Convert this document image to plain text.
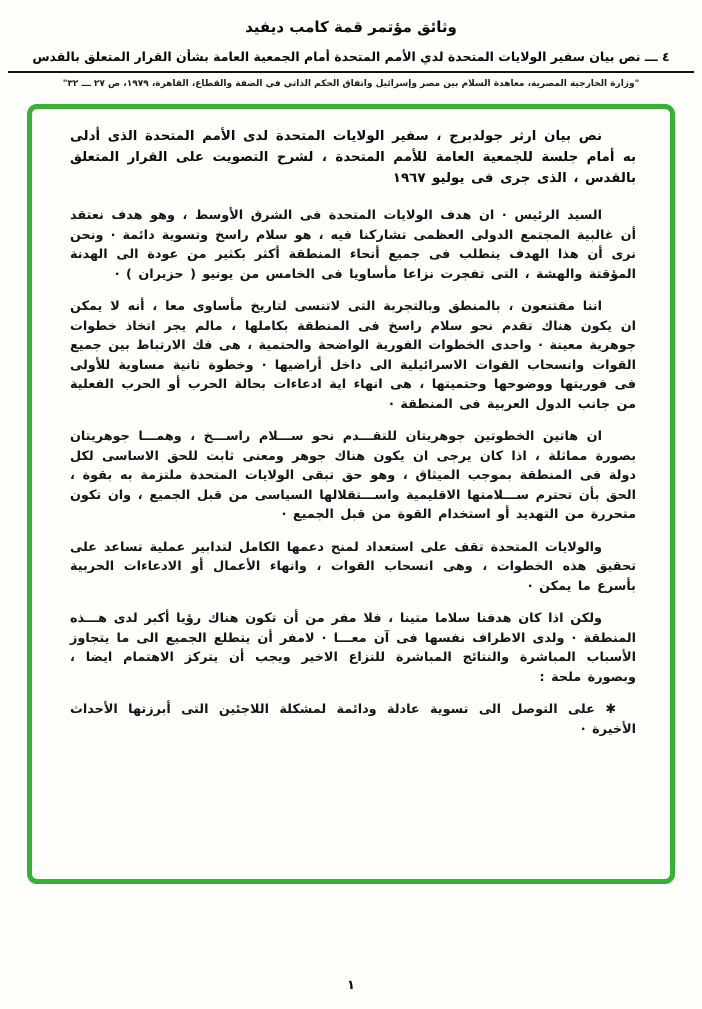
وثائق مؤتمر قمة كامب ديفيد
٤ ـــ نص بيان سفير الولايات المتحدة لدي الأمم المتحدة أمام الجمعية العامة بشأن القرار المتعلق بالقدس
"وزارة الخارجية المصرية، معاهدة السلام بين مصر وإسرائيل واتفاق الحكم الذاتي في الضفة والقطاع، القاهرة، ١٩٧٩، ص ٢٧ ـــ ٣٢"

نص بيان ارثر جولدبرج ، سفير الولايات المتحدة لدى الأمم المتحدة الذى أدلى به أمام جلسة للجمعية العامة للأمم المتحدة ، لشرح التصويت على القرار المتعلق بالقدس ، الذى جرى فى يوليو ١٩٦٧

السيد الرئيس · ان هدف الولايات المتحدة فى الشرق الأوسط ، وهو هدف نعتقد أن غالبية المجتمع الدولى العظمى تشاركنا فيه ، هو سلام راسخ وتسوية دائمة · ونحن نرى أن هذا الهدف يتطلب فى جميع أنحاء المنطقة أكثر بكثير من عودة الى الهدنة المؤقتة والهشة ، التى تفجرت نزاعا مأساويا فى الخامس من يونيو ( حزيران ) ·

اننا مقتنعون ، بالمنطق وبالتجربة التى لاتنسى لتاريخ مأساوى معا ، أنه لا يمكن ان يكون هناك تقدم نحو سلام راسخ فى المنطقة بكاملها ، مالم يجر اتخاذ خطوات جوهرية معينة · واحدى الخطوات الفورية الواضحة والحتمية ، هى فك الارتباط بين جميع القوات وانسحاب القوات الاسرائيلية الى داخل أراضيها · وخطوة ثانية مساوية للأولى فى فوريتها ووضوحها وحتميتها ، هى انهاء اية ادعاءات بحالة الحرب أو الحرب الفعلية من جانب الدول العربية فى المنطقة ·

ان هاتين الخطوتين جوهريتان للتقـــدم نحو ســـلام راســـخ ، وهمـــا جوهريتان بصورة مماثلة ، اذا كان يرجى ان يكون هناك جوهر ومعنى ثابت للحق الاساسى لكل دولة فى المنطقة بموجب الميثاق ، وهو حق تبقى الولايات المتحدة ملتزمة به بقوة ، الحق بأن تحترم ســـلامتها الاقليمية واســـتقلالها السياسى من قبل الجميع ، وان تكون متحررة من التهديد أو استخدام القوة من قبل الجميع ·

والولايات المتحدة تقف على استعداد لمنح دعمها الكامل لتدابير عملية تساعد على تحقيق هذه الخطوات ، وهى انسحاب القوات ، وانهاء الأعمال أو الادعاءات الحربية بأسرع ما يمكن ·

ولكن اذا كان هدفنا سلاما متينا ، فلا مفر من أن تكون هناك رؤيا أكبر لدى هـــذه المنطقة · ولدى الاطراف نفسها فى آن معـــا · لامفر أن يتطلع الجميع الى ما يتجاوز الأسباب المباشرة والنتائج المباشرة للنزاع الاخير ويجب أن يتركز الاهتمام ايضا ، وبصورة ملحة :

✱ على التوصل الى تسوية عادلة ودائمة لمشكلة اللاجئين التى أبرزتها الأحداث الأخيرة ·

١
